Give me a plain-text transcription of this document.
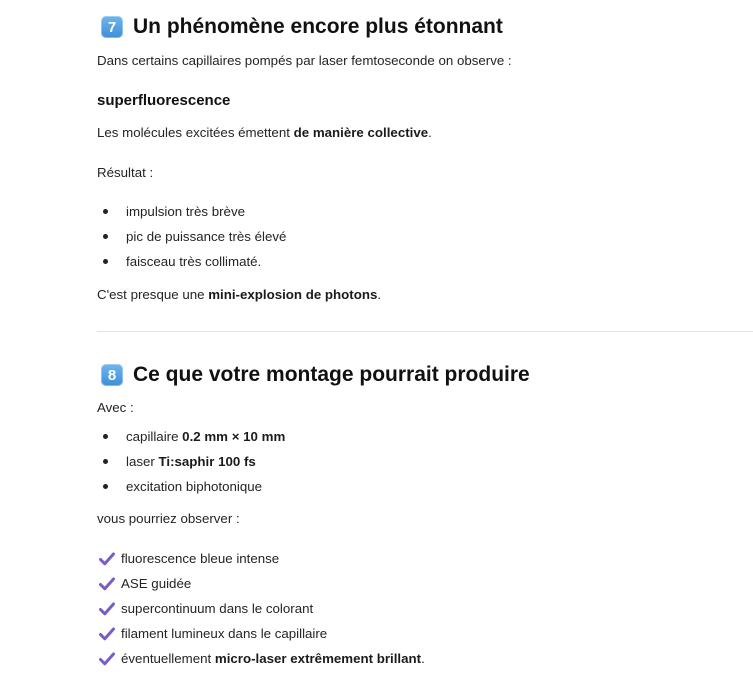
7 Un phénomène encore plus étonnant

Dans certains capillaires pompés par laser femtoseconde on observe :

superfluorescence

Les molécules excitées émettent de manière collective.

Résultat :

impulsion très brève
pic de puissance très élevé
faisceau très collimaté.

C'est presque une mini-explosion de photons.

8 Ce que votre montage pourrait produire

Avec :

capillaire 0.2 mm × 10 mm
laser Ti:saphir 100 fs
excitation biphotonique

vous pourriez observer :

fluorescence bleue intense
ASE guidée
supercontinuum dans le colorant
filament lumineux dans le capillaire
éventuellement micro-laser extrêmement brillant.
